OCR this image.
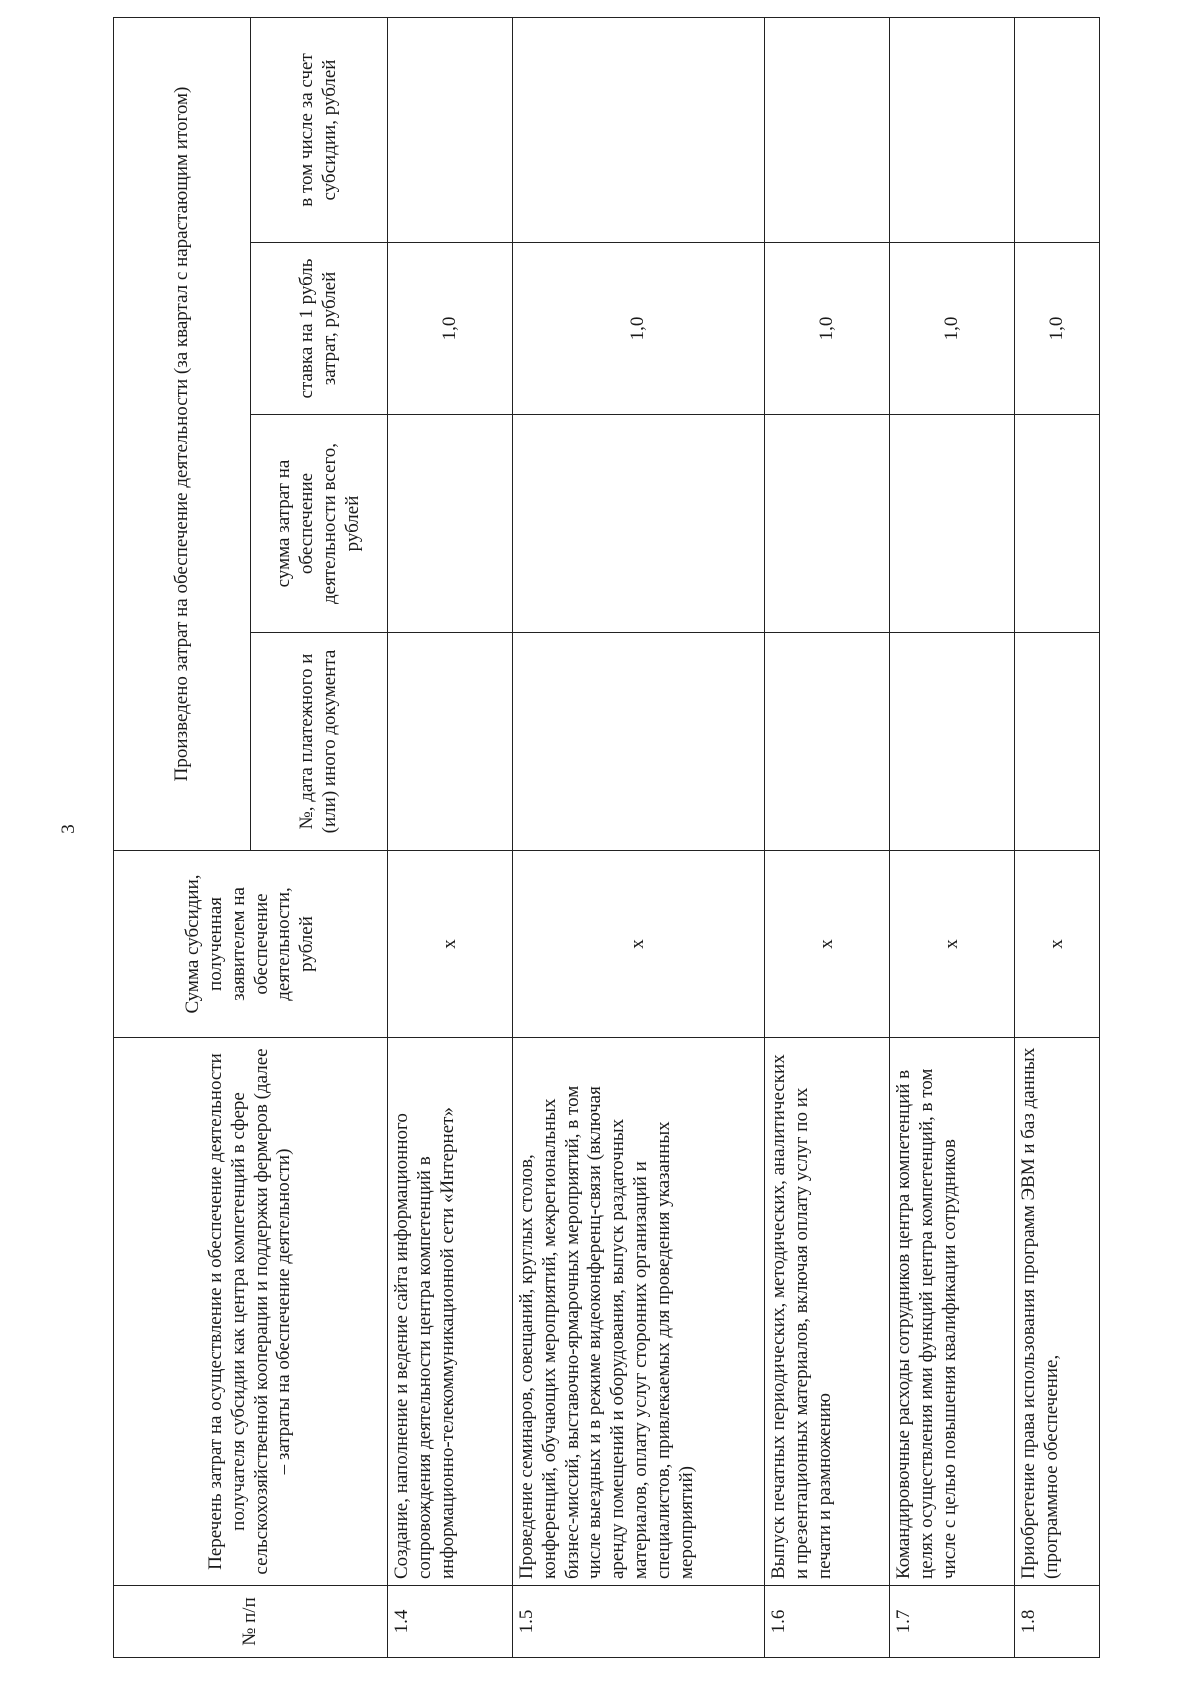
3
№ п/п	Перечень затрат на осуществление и обеспечение деятельности получателя субсидии как центра компетенций в сфере сельскохозяйственной кооперации и поддержки фермеров (далее – затраты на обеспечение деятельности)	Сумма субсидии, полученная заявителем на обеспечение деятельности, рублей	Произведено затрат на обеспечение деятельности (за квартал с нарастающим итогом)			
			№, дата платежного и (или) иного документа	сумма затрат на обеспечение деятельности всего, рублей	ставка на 1 рубль затрат, рублей	в том числе за счет субсидии, рублей
1.4	Создание, наполнение и ведение сайта информационного сопровождения деятельности центра компетенций в информационно-телекоммуникационной сети «Интернет»	x			1,0	
1.5	Проведение семинаров, совещаний, круглых столов, конференций, обучающих мероприятий, межрегиональных бизнес-миссий, выставочно-ярмарочных мероприятий, в том числе выездных и в режиме видеоконференц-связи (включая аренду помещений и оборудования, выпуск раздаточных материалов, оплату услуг сторонних организаций и специалистов, привлекаемых для проведения указанных мероприятий)	x			1,0	
1.6	Выпуск печатных периодических, методических, аналитических и презентационных материалов, включая оплату услуг по их печати и размножению	x			1,0	
1.7	Командировочные расходы сотрудников центра компетенций в целях осуществления ими функций центра компетенций, в том числе с целью повышения квалификации сотрудников	x			1,0	
1.8	Приобретение права использования программ ЭВМ и баз данных (программное обеспечение,	x			1,0	
